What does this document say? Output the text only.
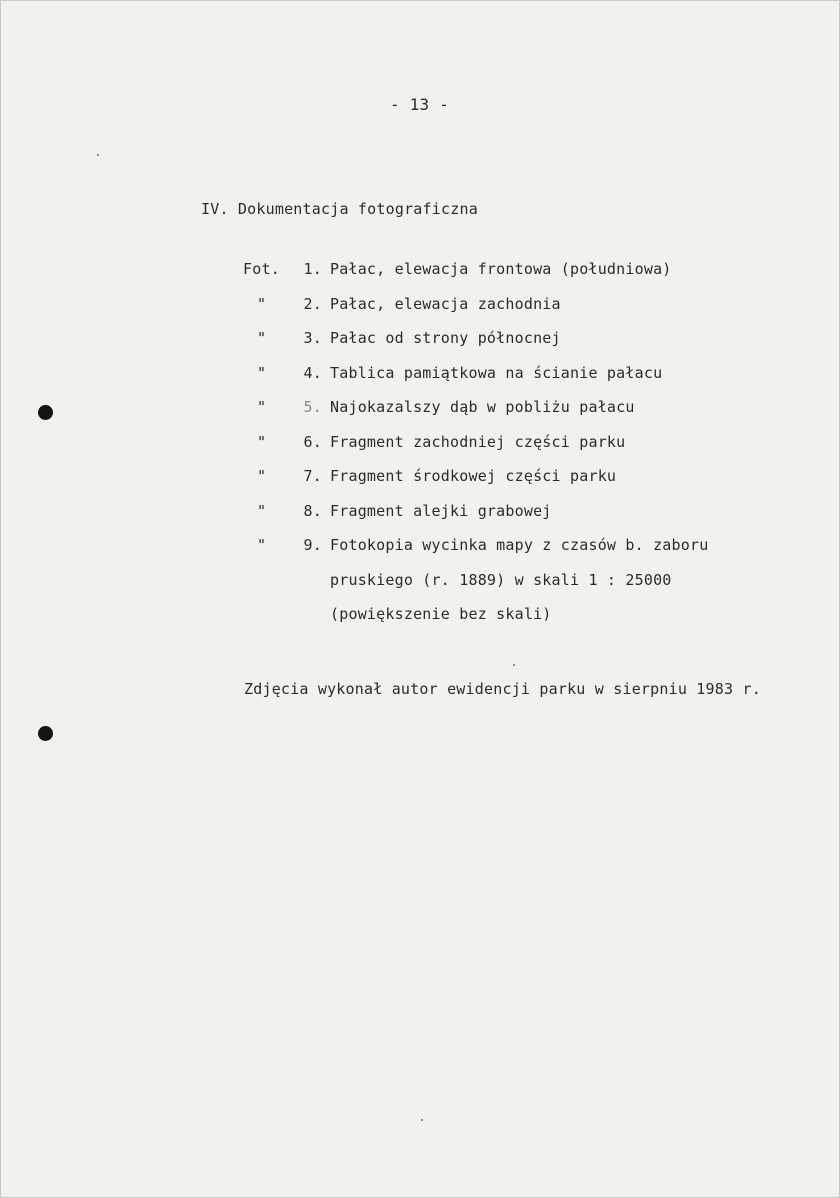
- 13 -
IV. Dokumentacja fotograficzna
Fot.	1. Pałac, elewacja frontowa (południowa)
"	2. Pałac, elewacja zachodnia
"	3. Pałac od strony północnej
"	4. Tablica pamiątkowa na ścianie pałacu
"	5. Najokazalszy dąb w pobliżu pałacu
"	6. Fragment zachodniej części parku
"	7. Fragment środkowej części parku
"	8. Fragment alejki grabowej
"	9. Fotokopia wycinka mapy z czasów b. zaboru
pruskiego (r. 1889) w skali 1 : 25000
(powiększenie bez skali)
Zdjęcia wykonał autor ewidencji parku w sierpniu 1983 r.
